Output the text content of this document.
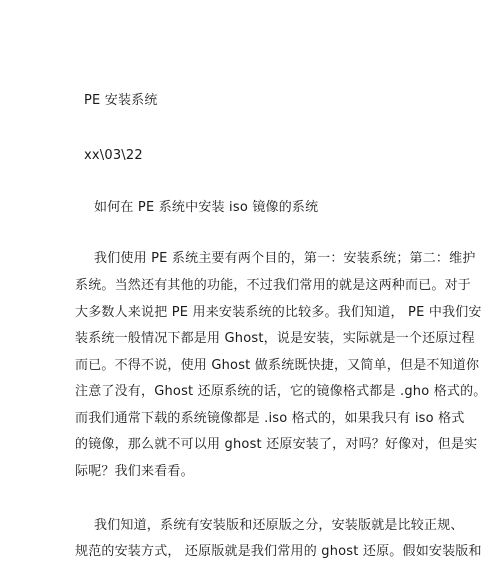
PE 安装系统
xx\03\22
如何在 PE 系统中安装 iso 镜像的系统
我们使用 PE 系统主要有两个目的，第一：安装系统；第二：维护
系统。当然还有其他的功能，不过我们常用的就是这两种而已。对于
大多数人来说把 PE 用来安装系统的比较多。我们知道， PE 中我们安
装系统一般情况下都是用 Ghost，说是安装，实际就是一个还原过程
而已。不得不说，使用 Ghost 做系统既快捷，又简单，但是不知道你
注意了没有，Ghost 还原系统的话，它的镜像格式都是 .gho 格式的。
而我们通常下载的系统镜像都是 .iso 格式的，如果我只有 iso 格式
的镜像，那么就不可以用 ghost 还原安装了，对吗？好像对，但是实
际呢？我们来看看。
我们知道，系统有安装版和还原版之分，安装版就是比较正规、
规范的安装方式， 还原版就是我们常用的 ghost 还原。假如安装版和
